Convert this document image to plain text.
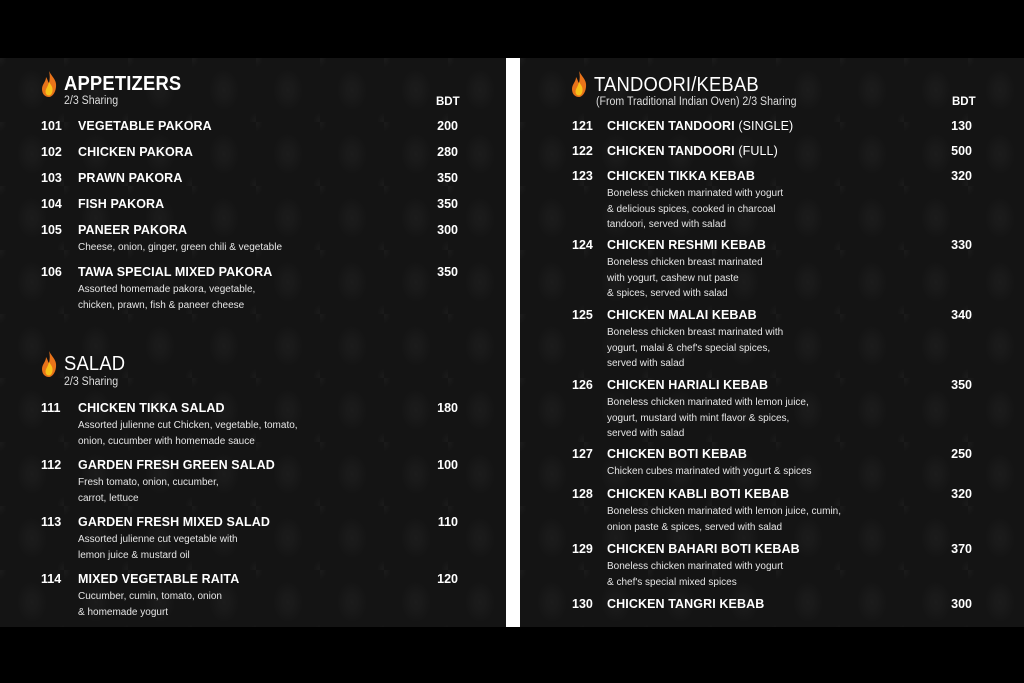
APPETIZERS
2/3 Sharing	BDT
101 VEGETABLE PAKORA	200
102 CHICKEN PAKORA	280
103 PRAWN PAKORA	350
104 FISH PAKORA	350
105 PANEER PAKORA	300
Cheese, onion, ginger, green chili & vegetable
106 TAWA SPECIAL MIXED PAKORA	350
Assorted homemade pakora, vegetable,
chicken, prawn, fish & paneer cheese
SALAD
2/3 Sharing
111 CHICKEN TIKKA SALAD	180
Assorted julienne cut Chicken, vegetable, tomato,
onion, cucumber with homemade sauce
112 GARDEN FRESH GREEN SALAD	100
Fresh tomato, onion, cucumber,
carrot, lettuce
113 GARDEN FRESH MIXED SALAD	110
Assorted julienne cut vegetable with
lemon juice & mustard oil
114 MIXED VEGETABLE RAITA	120
Cucumber, cumin, tomato, onion
& homemade yogurt
TANDOORI/KEBAB
(From Traditional Indian Oven) 2/3 Sharing	BDT
121 CHICKEN TANDOORI (SINGLE)	130
122 CHICKEN TANDOORI (FULL)	500
123 CHICKEN TIKKA KEBAB	320
Boneless chicken marinated with yogurt
& delicious spices, cooked in charcoal
tandoori, served with salad
124 CHICKEN RESHMI KEBAB	330
Boneless chicken breast marinated
with yogurt, cashew nut paste
& spices, served with salad
125 CHICKEN MALAI KEBAB	340
Boneless chicken breast marinated with
yogurt, malai & chef's special spices,
served with salad
126 CHICKEN HARIALI KEBAB	350
Boneless chicken marinated with lemon juice,
yogurt, mustard with mint flavor & spices,
served with salad
127 CHICKEN BOTI KEBAB	250
Chicken cubes marinated with yogurt & spices
128 CHICKEN KABLI BOTI KEBAB	320
Boneless chicken marinated with lemon juice, cumin,
onion paste & spices, served with salad
129 CHICKEN BAHARI BOTI KEBAB	370
Boneless chicken marinated with yogurt
& chef's special mixed spices
130 CHICKEN TANGRI KEBAB	300
